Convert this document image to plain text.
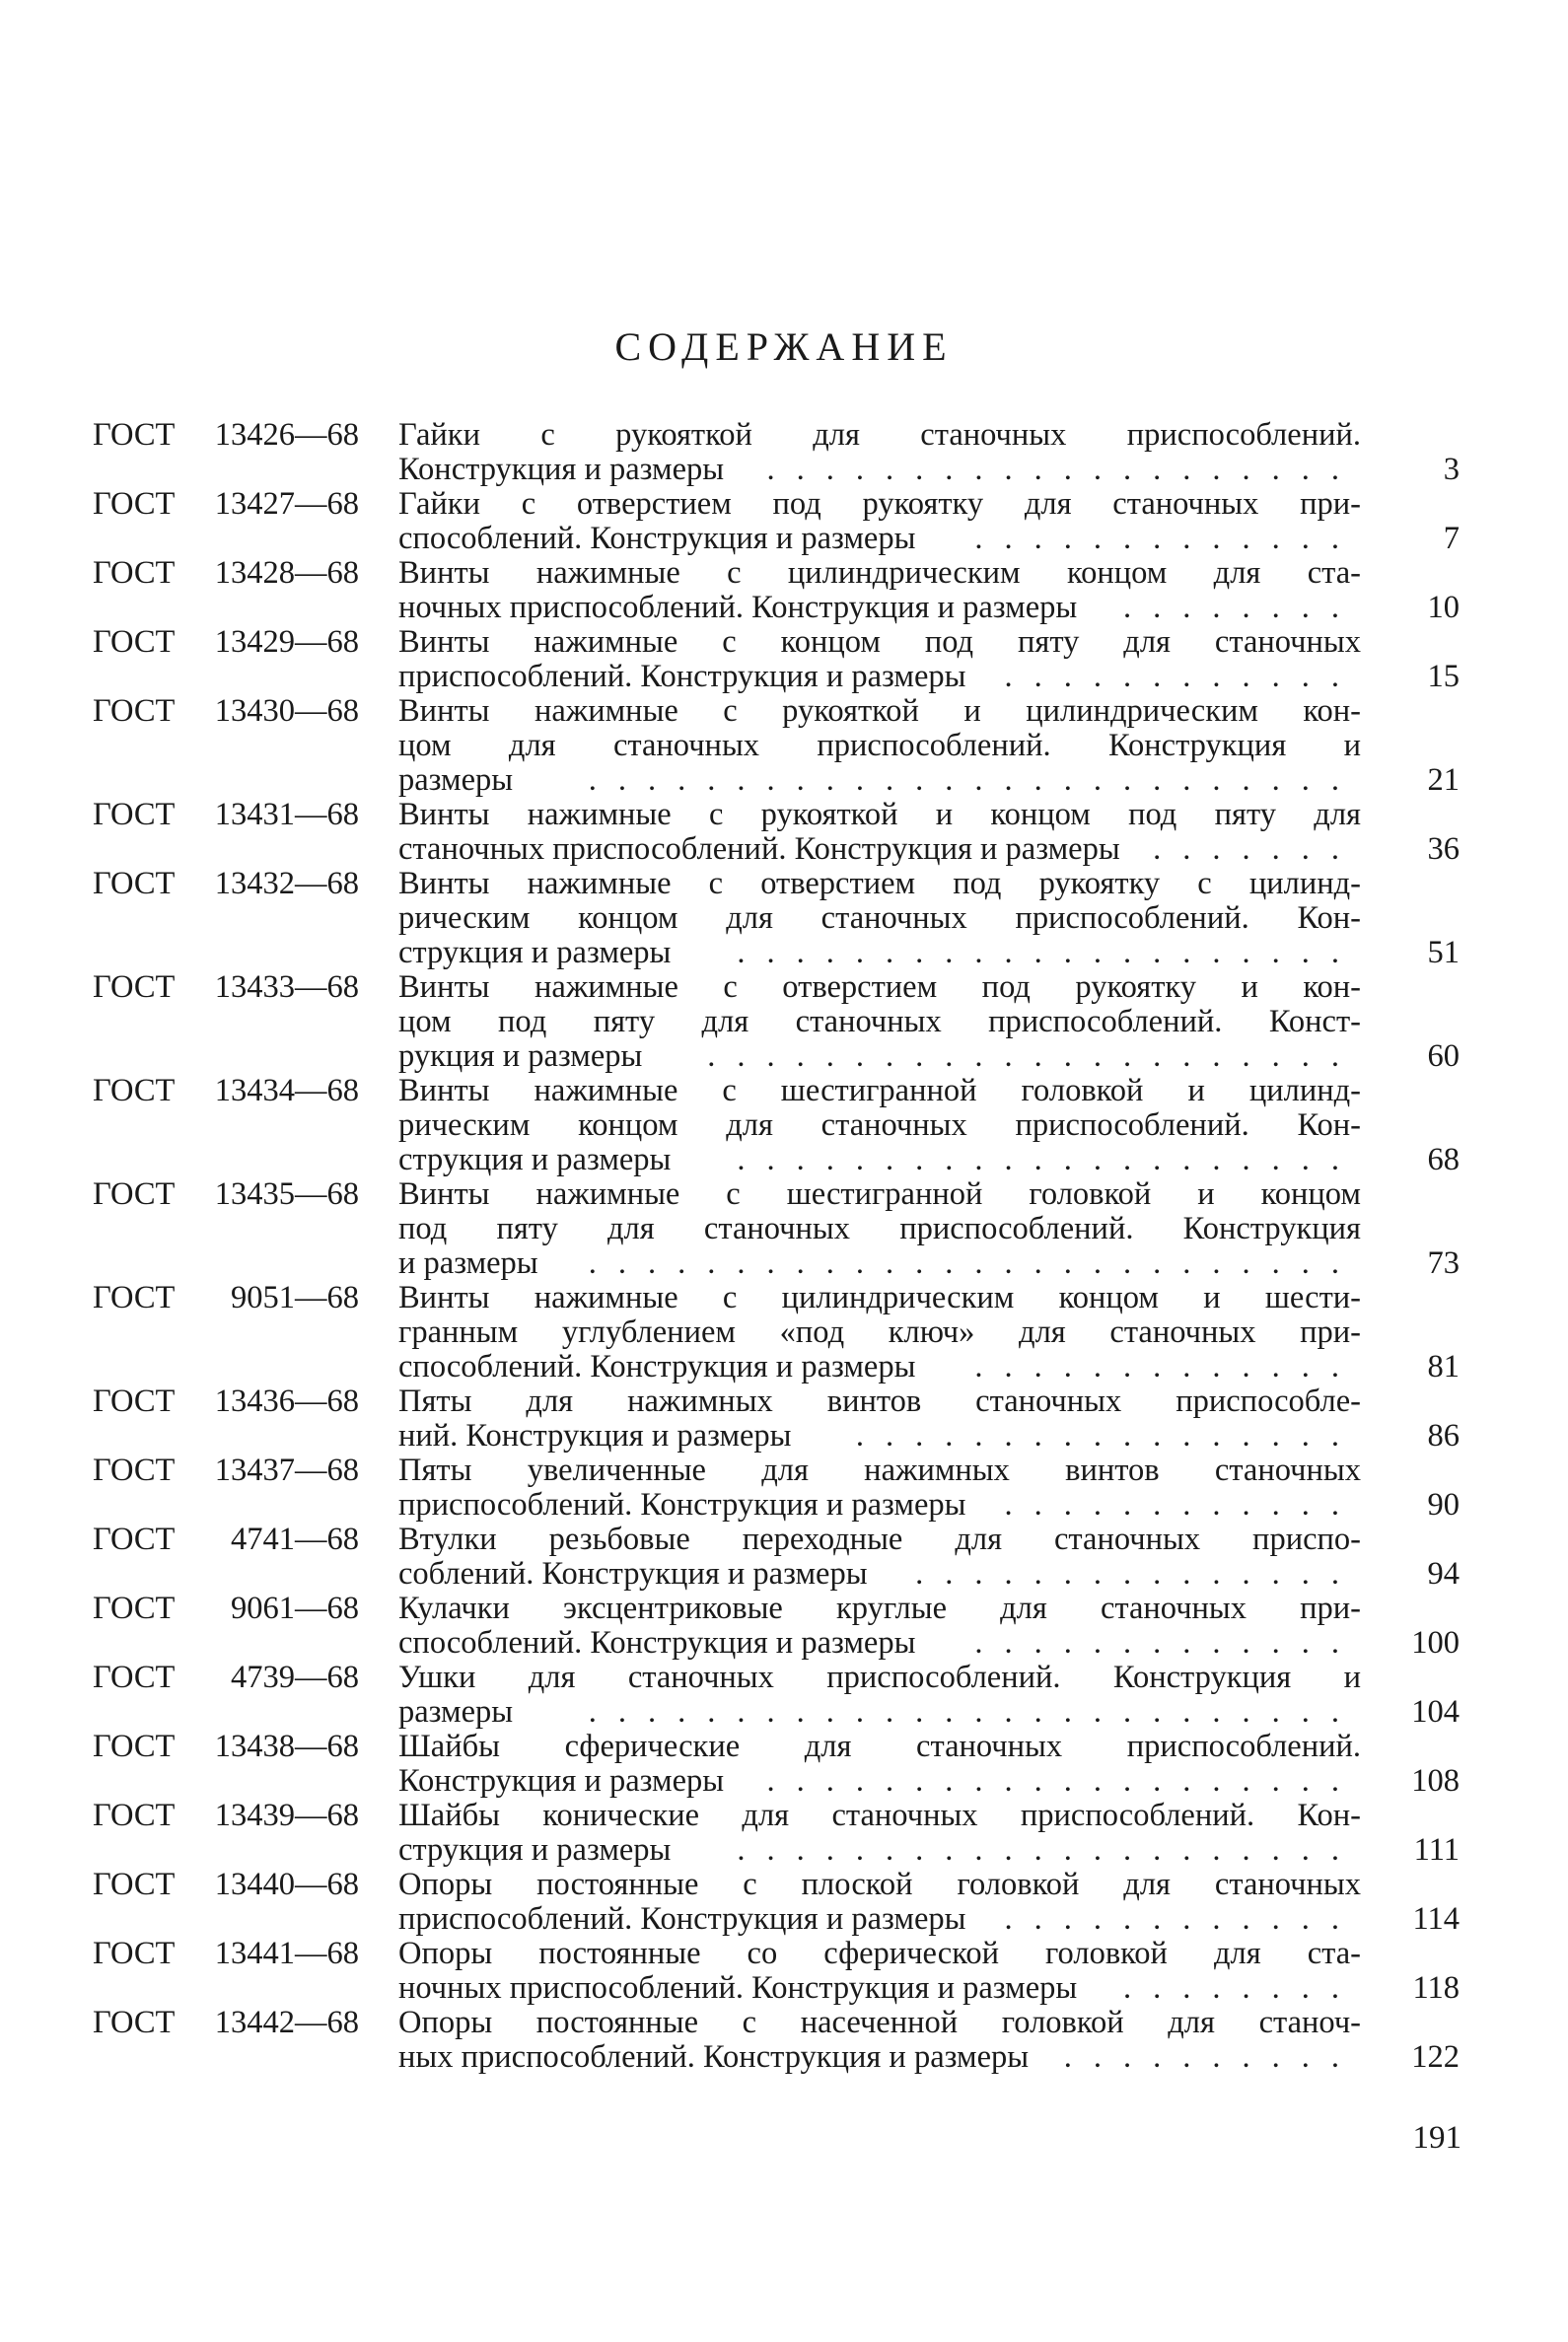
СОДЕРЖАНИЕ
ГОСТ 13426—68	Гайки с рукояткой для станочных приспособлений.
Конструкция и размеры ....................	3
ГОСТ 13427—68	Гайки с отверстием под рукоятку для станочных при-
способлений. Конструкция и размеры .............	7
ГОСТ 13428—68	Винты нажимные с цилиндрическим концом для ста-
ночных приспособлений. Конструкция и размеры ........	10
ГОСТ 13429—68	Винты нажимные с концом под пяту для станочных
приспособлений. Конструкция и размеры ............	15
ГОСТ 13430—68	Винты нажимные с рукояткой и цилиндрическим кон-
цом для станочных приспособлений. Конструкция и
размеры ..........................	21
ГОСТ 13431—68	Винты нажимные с рукояткой и концом под пяту для
станочных приспособлений. Конструкция и размеры .......	36
ГОСТ 13432—68	Винты нажимные с отверстием под рукоятку с цилинд-
рическим концом для станочных приспособлений. Кон-
струкция и размеры .....................	51
ГОСТ 13433—68	Винты нажимные с отверстием под рукоятку и кон-
цом под пяту для станочных приспособлений. Конст-
рукция и размеры ......................	60
ГОСТ 13434—68	Винты нажимные с шестигранной головкой и цилинд-
рическим концом для станочных приспособлений. Кон-
струкция и размеры .....................	68
ГОСТ 13435—68	Винты нажимные с шестигранной головкой и концом
под пяту для станочных приспособлений. Конструкция
и размеры ..........................	73
ГОСТ 9051—68	Винты нажимные с цилиндрическим концом и шести-
гранным углублением «под ключ» для станочных при-
способлений. Конструкция и размеры .............	81
ГОСТ 13436—68	Пяты для нажимных винтов станочных приспособле-
ний. Конструкция и размеры .................	86
ГОСТ 13437—68	Пяты увеличенные для нажимных винтов станочных
приспособлений. Конструкция и размеры ............	90
ГОСТ 4741—68	Втулки резьбовые переходные для станочных приспо-
соблений. Конструкция и размеры ...............	94
ГОСТ 9061—68	Кулачки эксцентриковые круглые для станочных при-
способлений. Конструкция и размеры .............	100
ГОСТ 4739—68	Ушки для станочных приспособлений. Конструкция и
размеры ..........................	104
ГОСТ 13438—68	Шайбы сферические для станочных приспособлений.
Конструкция и размеры ....................	108
ГОСТ 13439—68	Шайбы конические для станочных приспособлений. Кон-
струкция и размеры .....................	111
ГОСТ 13440—68	Опоры постоянные с плоской головкой для станочных
приспособлений. Конструкция и размеры ............	114
ГОСТ 13441—68	Опоры постоянные со сферической головкой для ста-
ночных приспособлений. Конструкция и размеры ........	118
ГОСТ 13442—68	Опоры постоянные с насеченной головкой для станоч-
ных приспособлений. Конструкция и размеры ..........	122
191
